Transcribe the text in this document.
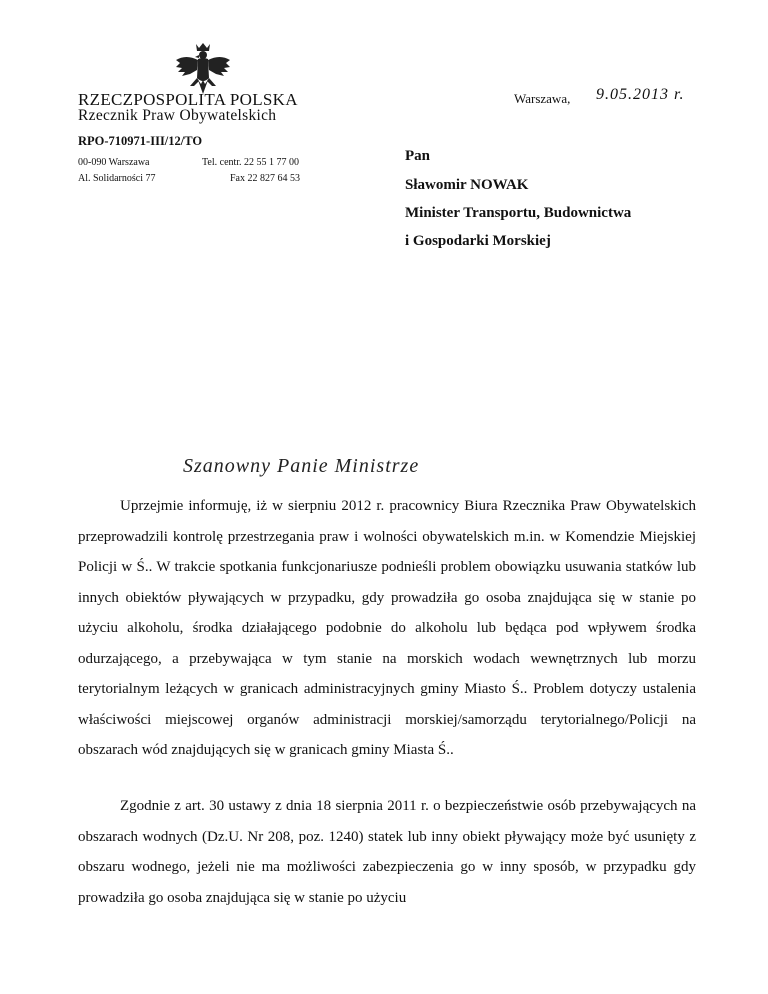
RZECZPOSPOLITA POLSKA
Rzecznik Praw Obywatelskich
RPO-710971-III/12/TO
00-090 Warszawa
Al. Solidarności 77
Tel. centr. 22 55 1 77 00
Fax 22 827 64 53
Warszawa, 9.05.2013 r.
Pan
Sławomir NOWAK
Minister Transportu, Budownictwa
i Gospodarki Morskiej
Szanowny Panie Ministrze
Uprzejmie informuję, iż w sierpniu 2012 r. pracownicy Biura Rzecznika Praw Obywatelskich przeprowadzili kontrolę przestrzegania praw i wolności obywatelskich m.in. w Komendzie Miejskiej Policji w Ś.. W trakcie spotkania funkcjonariusze podnieśli problem obowiązku usuwania statków lub innych obiektów pływających w przypadku, gdy prowadziła go osoba znajdująca się w stanie po użyciu alkoholu, środka działającego podobnie do alkoholu lub będąca pod wpływem środka odurzającego, a przebywająca w tym stanie na morskich wodach wewnętrznych lub morzu terytorialnym leżących w granicach administracyjnych gminy Miasto Ś.. Problem dotyczy ustalenia właściwości miejscowej organów administracji morskiej/samorządu terytorialnego/Policji na obszarach wód znajdujących się w granicach gminy Miasta Ś..
Zgodnie z art. 30 ustawy z dnia 18 sierpnia 2011 r. o bezpieczeństwie osób przebywających na obszarach wodnych (Dz.U. Nr 208, poz. 1240) statek lub inny obiekt pływający może być usunięty z obszaru wodnego, jeżeli nie ma możliwości zabezpieczenia go w inny sposób, w przypadku gdy prowadziła go osoba znajdująca się w stanie po użyciu
